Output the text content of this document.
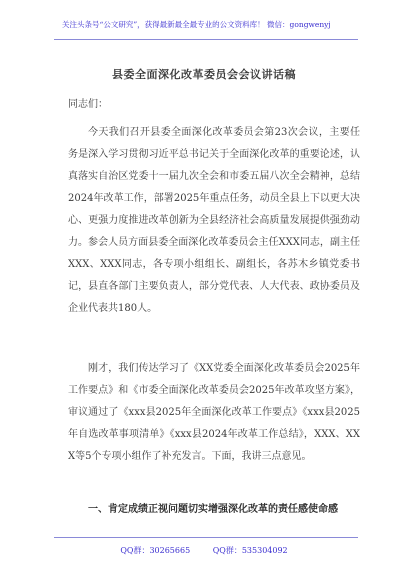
关注头条号“公文研究”，获得最新最全最专业的公文资料库！ 微信：gongwenyj
县委全面深化改革委员会会议讲话稿
同志们：
今天我们召开县委全面深化改革委员会第23次会议，主要任务是深入学习贯彻习近平总书记关于全面深化改革的重要论述，认真落实自治区党委十一届九次全会和市委五届八次全会精神，总结2024年改革工作，部署2025年重点任务，动员全县上下以更大决心、更强力度推进改革创新为全县经济社会高质量发展提供强劲动力。参会人员方面县委全面深化改革委员会主任XXX同志，副主任XXX、XXX同志，各专项小组组长、副组长，各苏木乡镇党委书记，县直各部门主要负责人，部分党代表、人大代表、政协委员及企业代表共180人。
刚才，我们传达学习了《XX党委全面深化改革委员会2025年工作要点》和《市委全面深化改革委员会2025年改革攻坚方案》，审议通过了《xxx县2025年全面深化改革工作要点》《xxx县2025年自选改革事项清单》《xxx县2024年改革工作总结》，XXX、XXX等5个专项小组作了补充发言。下面，我讲三点意见。
一、肯定成绩正视问题切实增强深化改革的责任感使命感
QQ群：30265665	QQ群：535304092
